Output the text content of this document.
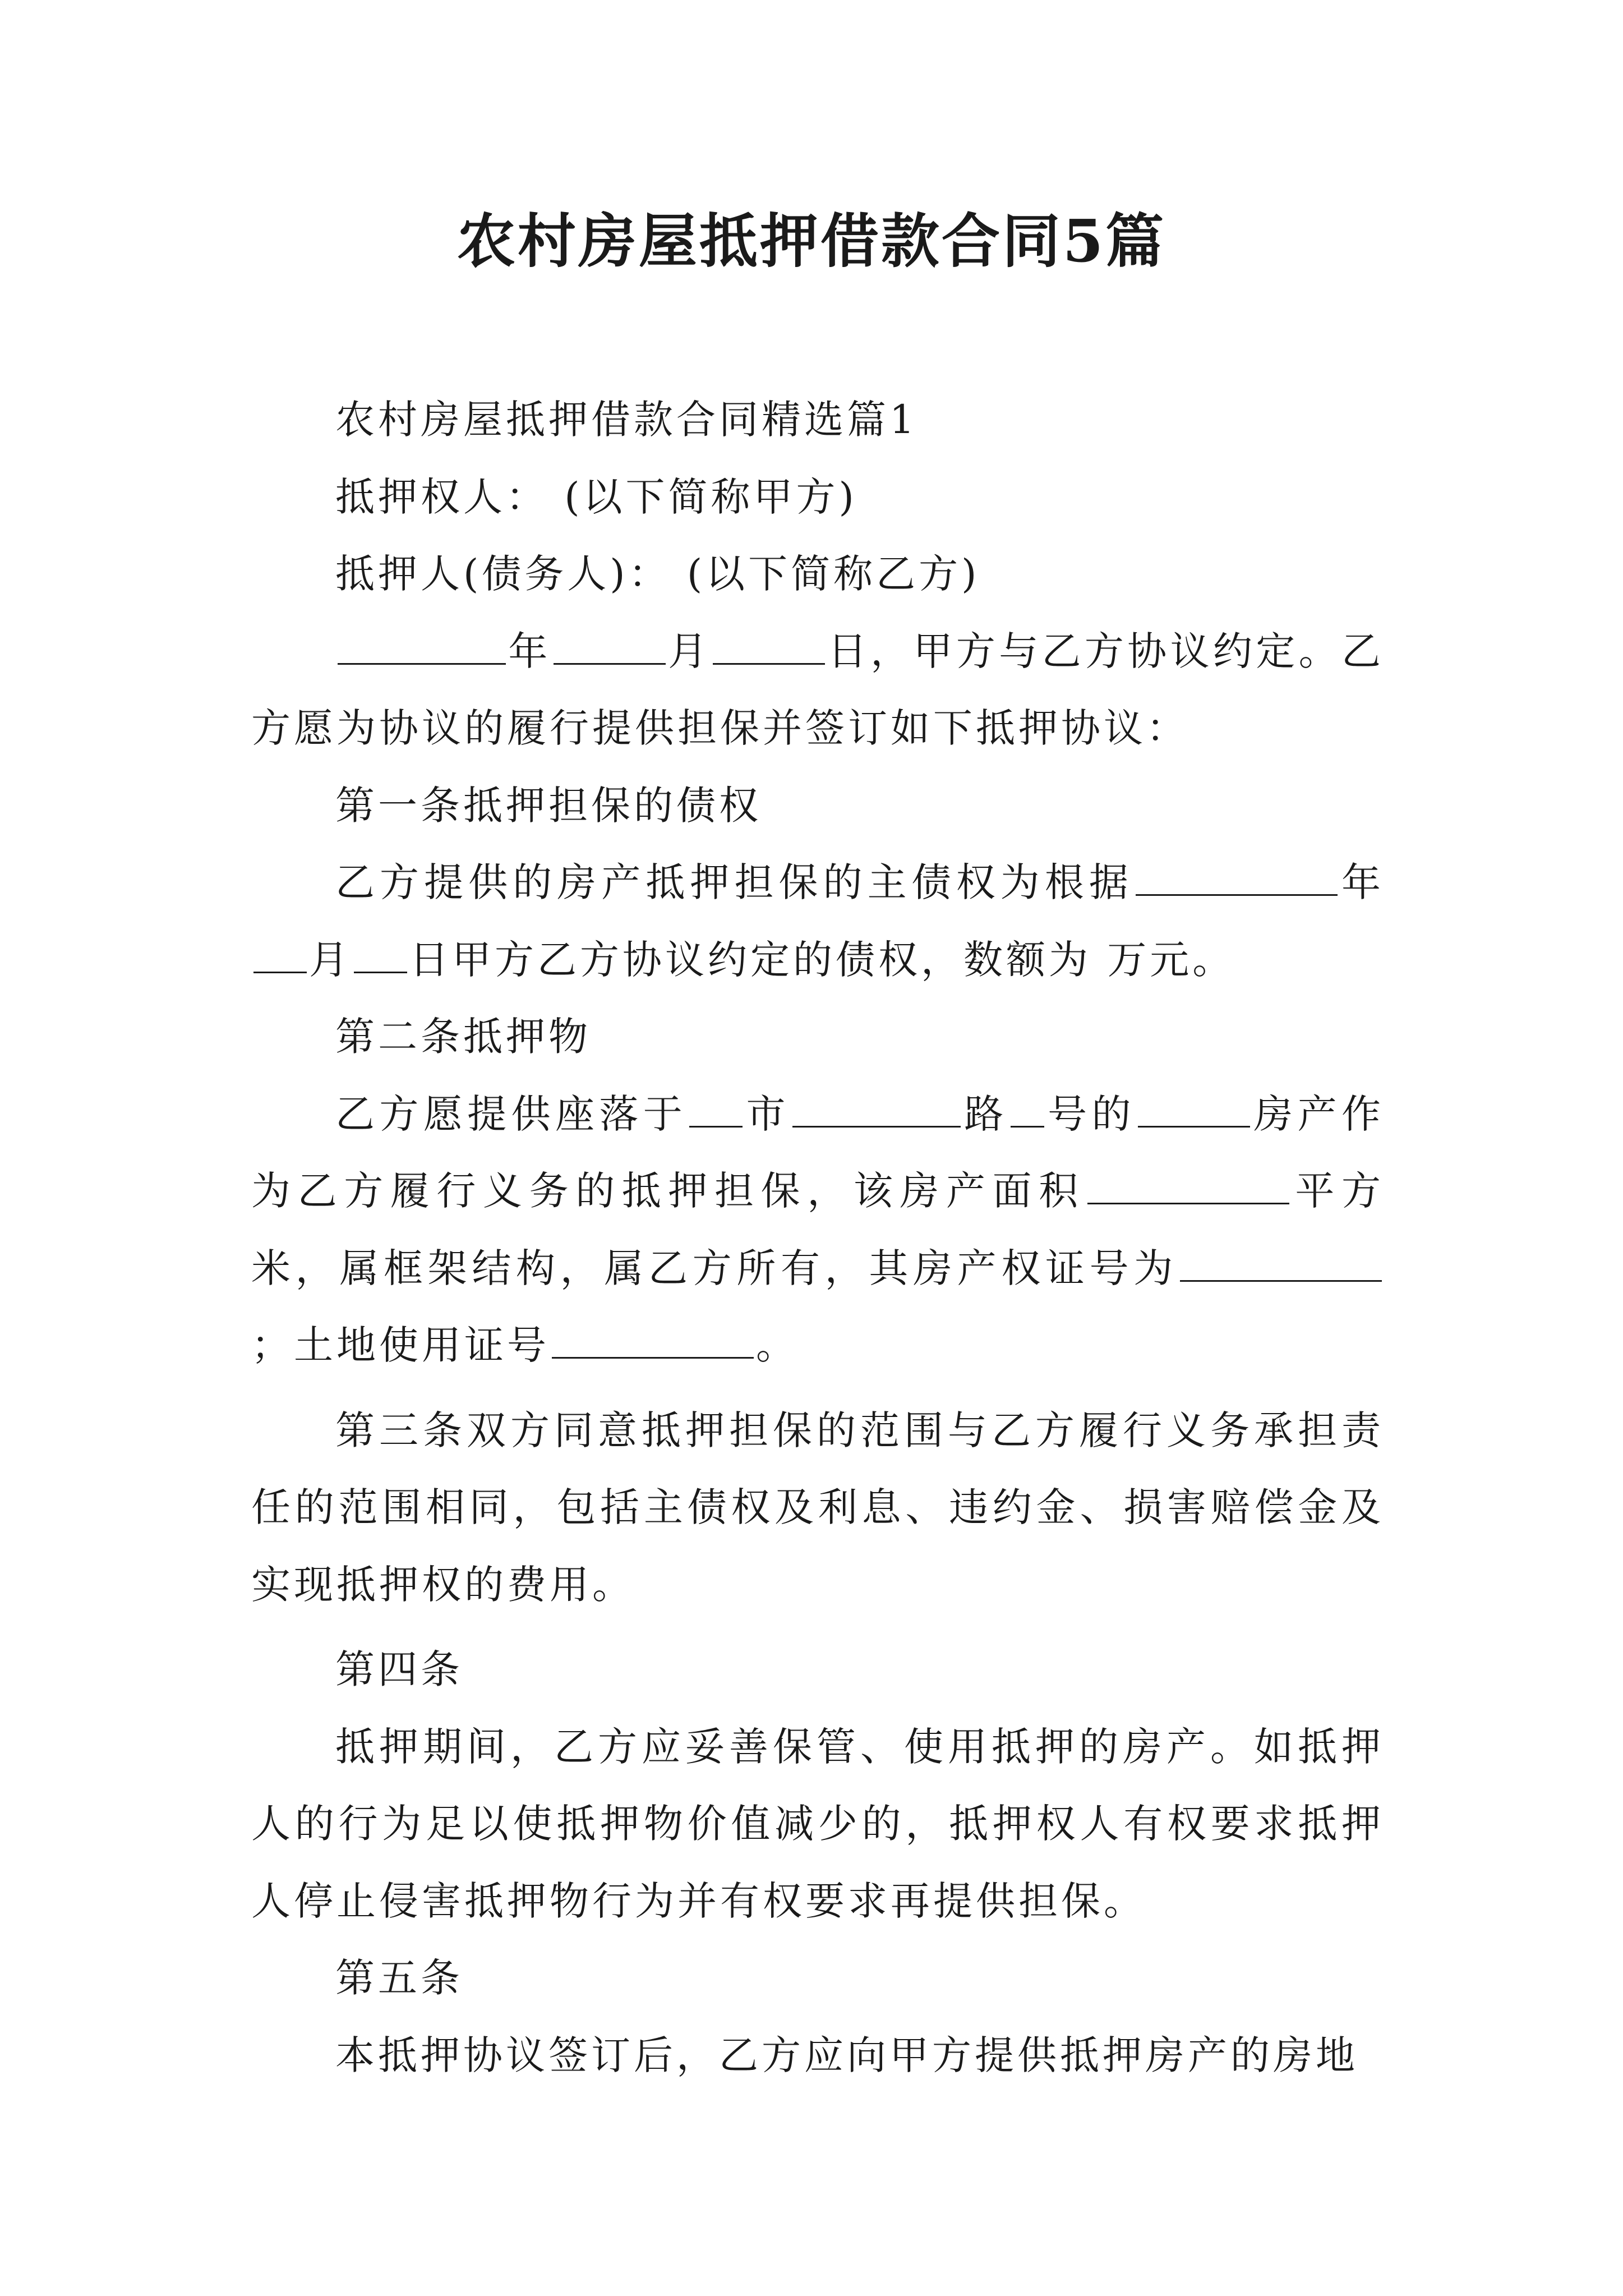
农村房屋抵押借款合同5篇

农村房屋抵押借款合同精选篇1

抵押权人： (以下简称甲方)

抵押人(债务人)： (以下简称乙方)

年	月	日，甲方与乙方协议约定。乙方愿为协议的履行提供担保并签订如下抵押协议：

第一条抵押担保的债权

乙方提供的房产抵押担保的主债权为根据	年月 日甲方乙方协议约定的债权，数额为 万元。

第二条抵押物

乙方愿提供座落于 市	路 号的	房产作为乙方履行义务的抵押担保，该房产面积	平方米，属框架结构，属乙方所有，其房产权证号为；土地使用证号	。

第三条双方同意抵押担保的范围与乙方履行义务承担责任的范围相同，包括主债权及利息、违约金、损害赔偿金及实现抵押权的费用。

第四条

抵押期间，乙方应妥善保管、使用抵押的房产。如抵押人的行为足以使抵押物价值减少的，抵押权人有权要求抵押人停止侵害抵押物行为并有权要求再提供担保。

第五条

本抵押协议签订后，乙方应向甲方提供抵押房产的房地
